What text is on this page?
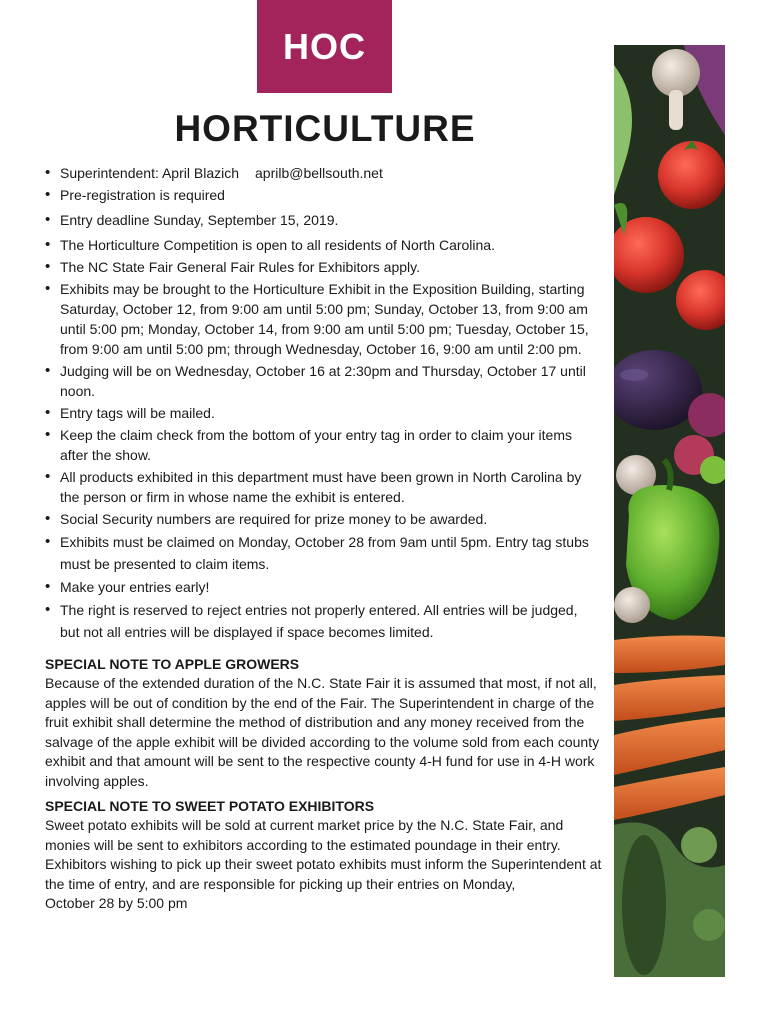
HOC
HORTICULTURE
• Superintendent: April Blazich aprilb@bellsouth.net
• Pre-registration is required
• Entry deadline Sunday, September 15, 2019.
• The Horticulture Competition is open to all residents of North Carolina.
• The NC State Fair General Fair Rules for Exhibitors apply.
• Exhibits may be brought to the Horticulture Exhibit in the Exposition Building, starting Saturday, October 12, from 9:00 am until 5:00 pm; Sunday, October 13, from 9:00 am until 5:00 pm; Monday, October 14, from 9:00 am until 5:00 pm; Tuesday, October 15, from 9:00 am until 5:00 pm; through Wednesday, October 16, 9:00 am until 2:00 pm.
• Judging will be on Wednesday, October 16 at 2:30pm and Thursday, October 17 until noon.
• Entry tags will be mailed.
• Keep the claim check from the bottom of your entry tag in order to claim your items after the show.
• All products exhibited in this department must have been grown in North Carolina by the person or firm in whose name the exhibit is entered.
• Social Security numbers are required for prize money to be awarded.
• Exhibits must be claimed on Monday, October 28 from 9am until 5pm. Entry tag stubs must be presented to claim items.
• Make your entries early!
• The right is reserved to reject entries not properly entered. All entries will be judged, but not all entries will be displayed if space becomes limited.
SPECIAL NOTE TO APPLE GROWERS
Because of the extended duration of the N.C. State Fair it is assumed that most, if not all, apples will be out of condition by the end of the Fair. The Superintendent in charge of the fruit exhibit shall determine the method of distribution and any money received from the salvage of the apple exhibit will be divided according to the volume sold from each county exhibit and that amount will be sent to the respective county 4-H fund for use in 4-H work involving apples.
SPECIAL NOTE TO SWEET POTATO EXHIBITORS
Sweet potato exhibits will be sold at current market price by the N.C. State Fair, and
monies will be sent to exhibitors according to the estimated poundage in their entry.
Exhibitors wishing to pick up their sweet potato exhibits must inform the Superintendent at
the time of entry, and are responsible for picking up their entries on Monday,
October 28 by 5:00 pm
